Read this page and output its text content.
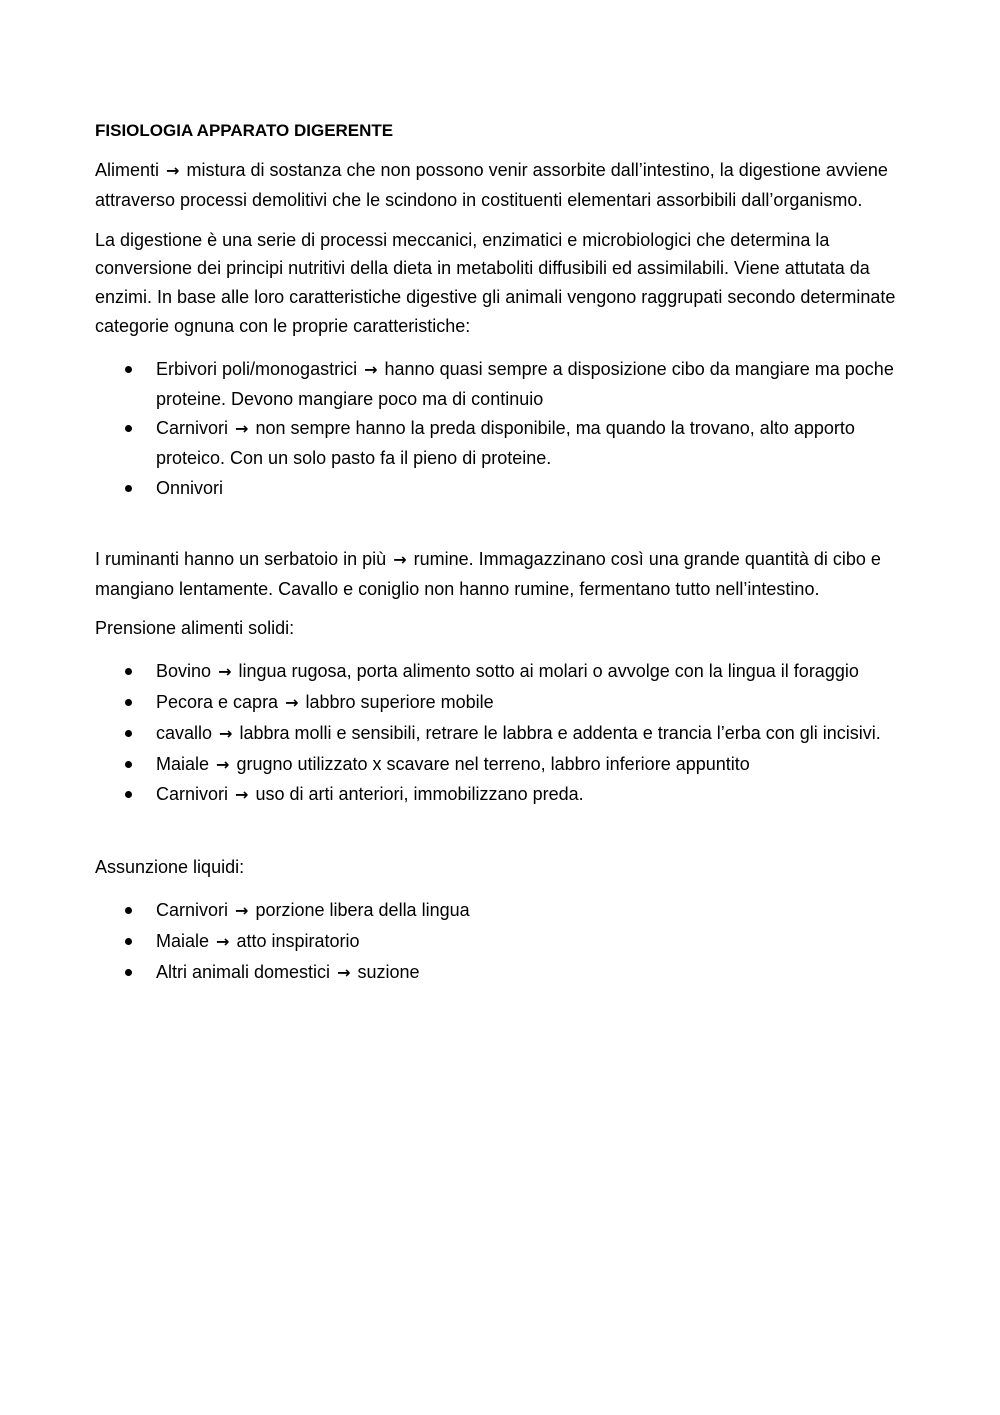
FISIOLOGIA APPARATO DIGERENTE

Alimenti → mistura di sostanza che non possono venir assorbite dall’intestino, la digestione avviene attraverso processi demolitivi che le scindono in costituenti elementari assorbibili dall’organismo.

La digestione è una serie di processi meccanici, enzimatici e microbiologici che determina la conversione dei principi nutritivi della dieta in metaboliti diffusibili ed assimilabili. Viene attutata da enzimi. In base alle loro caratteristiche digestive gli animali vengono raggrupati secondo determinate categorie ognuna con le proprie caratteristiche:

Erbivori poli/monogastrici → hanno quasi sempre a disposizione cibo da mangiare ma poche proteine. Devono mangiare poco ma di continuio
Carnivori → non sempre hanno la preda disponibile, ma quando la trovano, alto apporto proteico. Con un solo pasto fa il pieno di proteine.
Onnivori

I ruminanti hanno un serbatoio in più → rumine. Immagazzinano così una grande quantità di cibo e mangiano lentamente. Cavallo e coniglio non hanno rumine, fermentano tutto nell’intestino.

Prensione alimenti solidi:

Bovino → lingua rugosa, porta alimento sotto ai molari o avvolge con la lingua il foraggio
Pecora e capra → labbro superiore mobile
cavallo → labbra molli e sensibili, retrare le labbra e addenta e trancia l’erba con gli incisivi.
Maiale → grugno utilizzato x scavare nel terreno, labbro inferiore appuntito
Carnivori → uso di arti anteriori, immobilizzano preda.

Assunzione liquidi:

Carnivori → porzione libera della lingua
Maiale → atto inspiratorio
Altri animali domestici → suzione
